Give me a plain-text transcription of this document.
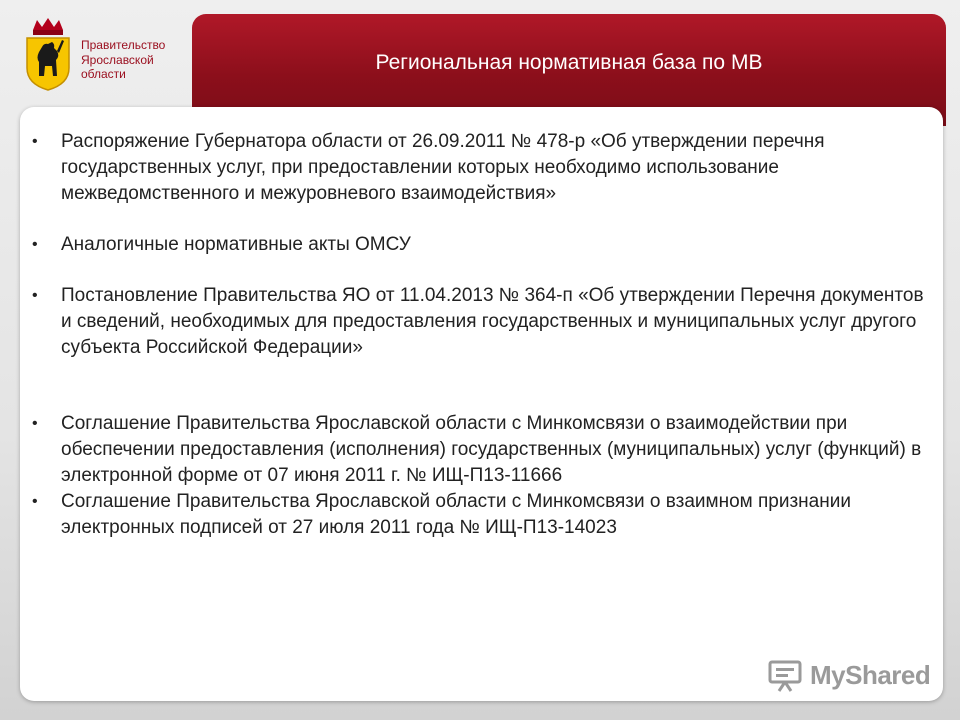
Правительство Ярославской области	Региональная нормативная база по МВ
• Распоряжение Губернатора области от 26.09.2011 № 478-р «Об утверждении перечня государственных услуг, при предоставлении которых необходимо использование межведомственного и межуровневого взаимодействия»
• Аналогичные нормативные акты ОМСУ
• Постановление Правительства ЯО от 11.04.2013 № 364-п «Об утверждении Перечня документов и сведений, необходимых для предоставления государственных и муниципальных услуг другого субъекта Российской Федерации»
• Соглашение Правительства Ярославской области с Минкомсвязи о взаимодействии при обеспечении предоставления (исполнения) государственных (муниципальных) услуг (функций) в электронной форме от 07 июня 2011 г. № ИЩ-П13-11666
• Соглашение Правительства Ярославской области с Минкомсвязи о взаимном признании электронных подписей от 27 июля 2011 года № ИЩ-П13-14023
MyShared
